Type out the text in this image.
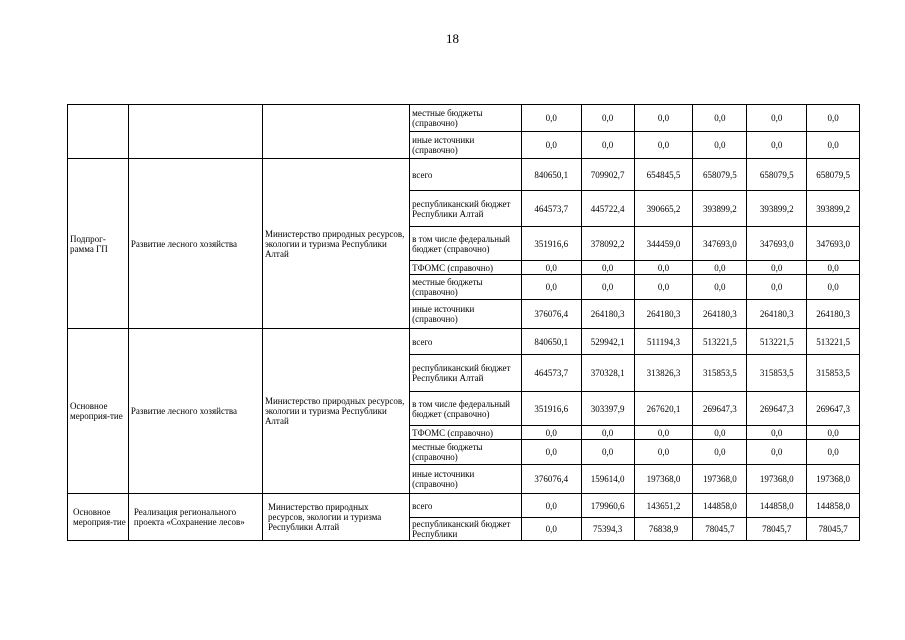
18
			местные бюджеты (справочно)	0,0	0,0	0,0	0,0	0,0	0,0
			иные источники (справочно)	0,0	0,0	0,0	0,0	0,0	0,0
Подпрог-рамма ГП	Развитие лесного хозяйства	Министерство природных ресурсов, экологии и туризма Республики Алтай	всего	840650,1	709902,7	654845,5	658079,5	658079,5	658079,5
			республиканский бюджет Республики Алтай	464573,7	445722,4	390665,2	393899,2	393899,2	393899,2
			в том числе федеральный бюджет (справочно)	351916,6	378092,2	344459,0	347693,0	347693,0	347693,0
			ТФОМС (справочно)	0,0	0,0	0,0	0,0	0,0	0,0
			местные бюджеты (справочно)	0,0	0,0	0,0	0,0	0,0	0,0
			иные источники (справочно)	376076,4	264180,3	264180,3	264180,3	264180,3	264180,3
Основное мероприя-тие	Развитие лесного хозяйства	Министерство природных ресурсов, экологии и туризма Республики Алтай	всего	840650,1	529942,1	511194,3	513221,5	513221,5	513221,5
			республиканский бюджет Республики Алтай	464573,7	370328,1	313826,3	315853,5	315853,5	315853,5
			в том числе федеральный бюджет (справочно)	351916,6	303397,9	267620,1	269647,3	269647,3	269647,3
			ТФОМС (справочно)	0,0	0,0	0,0	0,0	0,0	0,0
			местные бюджеты (справочно)	0,0	0,0	0,0	0,0	0,0	0,0
			иные источники (справочно)	376076,4	159614,0	197368,0	197368,0	197368,0	197368,0
Основное мероприя-тие	Реализация регионального проекта «Сохранение лесов»	Министерство природных ресурсов, экологии и туризма Республики Алтай	всего	0,0	179960,6	143651,2	144858,0	144858,0	144858,0
			республиканский бюджет Республики	0,0	75394,3	76838,9	78045,7	78045,7	78045,7
